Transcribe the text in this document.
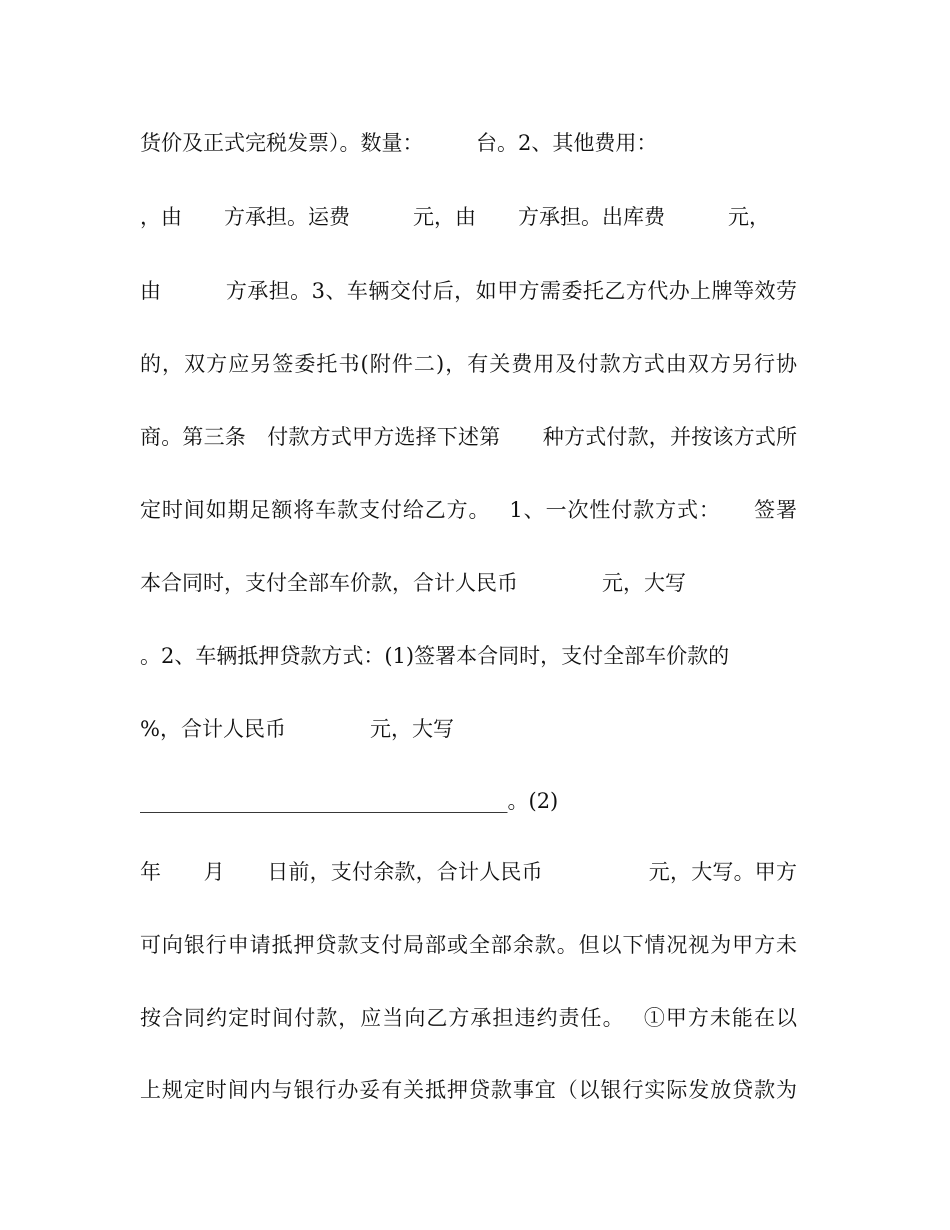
货价及正式完税发票）。数量：　　　台。2、其他费用：
，由　　方承担。运费　　　元，由　　方承担。出库费　　　元，
由　　　方承担。3、车辆交付后，如甲方需委托乙方代办上牌等效劳
的，双方应另签委托书(附件二)，有关费用及付款方式由双方另行协
商。第三条　付款方式甲方选择下述第　　种方式付款，并按该方式所
定时间如期足额将车款支付给乙方。　 1、一次性付款方式：　　签署
本合同时，支付全部车价款，合计人民币　　　　元，大写
。2、车辆抵押贷款方式：(1)签署本合同时，支付全部车价款的
%，合计人民币　　　　元，大写
___________________________________。(2)
年　　月　　日前，支付余款，合计人民币　　　　　元，大写。甲方
可向银行申请抵押贷款支付局部或全部余款。但以下情况视为甲方未
按合同约定时间付款，应当向乙方承担违约责任。　 ①甲方未能在以
上规定时间内与银行办妥有关抵押贷款事宜（以银行实际发放贷款为
